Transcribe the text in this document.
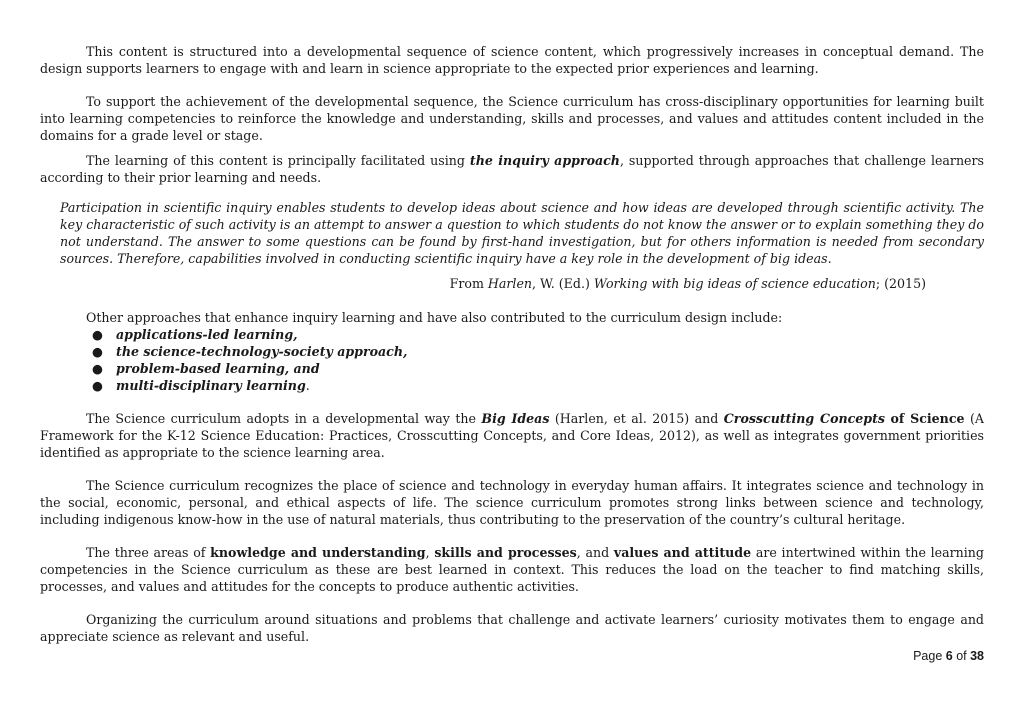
This content is structured into a developmental sequence of science content, which progressively increases in conceptual demand. The design supports learners to engage with and learn in science appropriate to the expected prior experiences and learning.

To support the achievement of the developmental sequence, the Science curriculum has cross-disciplinary opportunities for learning built into learning competencies to reinforce the knowledge and understanding, skills and processes, and values and attitudes content included in the domains for a grade level or stage.

The learning of this content is principally facilitated using the inquiry approach, supported through approaches that challenge learners according to their prior learning and needs.

Participation in scientific inquiry enables students to develop ideas about science and how ideas are developed through scientific activity. The key characteristic of such activity is an attempt to answer a question to which students do not know the answer or to explain something they do not understand. The answer to some questions can be found by first-hand investigation, but for others information is needed from secondary sources. Therefore, capabilities involved in conducting scientific inquiry have a key role in the development of big ideas.
From Harlen, W. (Ed.) Working with big ideas of science education; (2015)

Other approaches that enhance inquiry learning and have also contributed to the curriculum design include:

● applications-led learning,
● the science-technology-society approach,
● problem-based learning, and
● multi-disciplinary learning.

The Science curriculum adopts in a developmental way the Big Ideas (Harlen, et al. 2015) and Crosscutting Concepts of Science (A Framework for the K-12 Science Education: Practices, Crosscutting Concepts, and Core Ideas, 2012), as well as integrates government priorities identified as appropriate to the science learning area.

The Science curriculum recognizes the place of science and technology in everyday human affairs. It integrates science and technology in the social, economic, personal, and ethical aspects of life. The science curriculum promotes strong links between science and technology, including indigenous know-how in the use of natural materials, thus contributing to the preservation of the country’s cultural heritage.

The three areas of knowledge and understanding, skills and processes, and values and attitude are intertwined within the learning competencies in the Science curriculum as these are best learned in context. This reduces the load on the teacher to find matching skills, processes, and values and attitudes for the concepts to produce authentic activities.

Organizing the curriculum around situations and problems that challenge and activate learners’ curiosity motivates them to engage and appreciate science as relevant and useful.

Page 6 of 38
